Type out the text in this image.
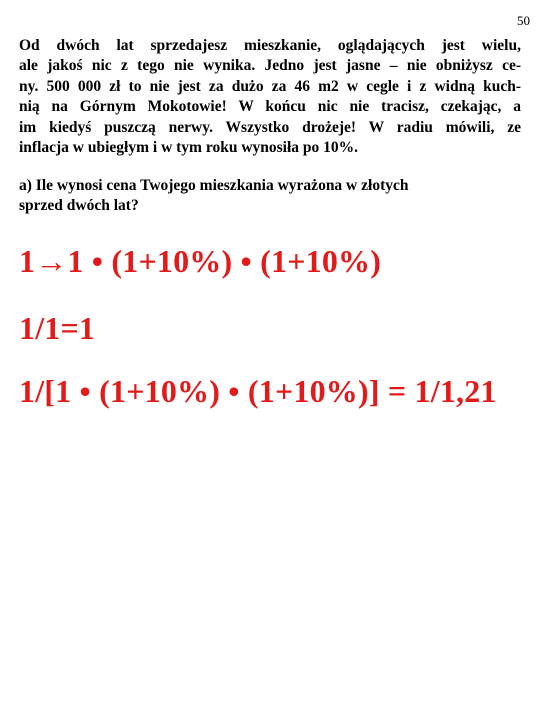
50
Od dwóch lat sprzedajesz mieszkanie, oglądających jest wielu,
ale jakoś nic z tego nie wynika. Jedno jest jasne – nie obniżysz ce-
ny. 500 000 zł to nie jest za dużo za 46 m2 w cegle i z widną kuch-
nią na Górnym Mokotowie! W końcu nic nie tracisz, czekając, a
im kiedyś puszczą nerwy. Wszystko drożeje! W radiu mówili, ze
inflacja w ubiegłym i w tym roku wynosiła po 10%.
a) Ile wynosi cena Twojego mieszkania wyrażona w złotych
sprzed dwóch lat?
1→1 • (1+10%) • (1+10%)
1/1=1
1/[1 • (1+10%) • (1+10%)] = 1/1,21
